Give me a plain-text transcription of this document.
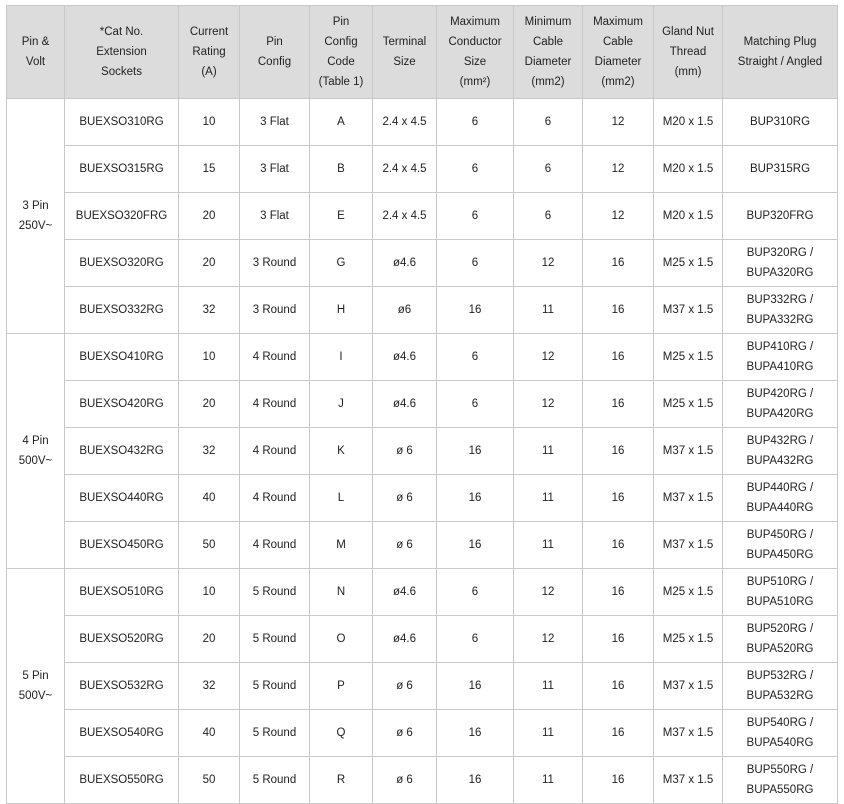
Pin &
Volt	*Cat No.
Extension
Sockets	Current
Rating
(A)	Pin
Config	Pin
Config
Code
(Table 1)	Terminal
Size	Maximum
Conductor
Size
(mm²)	Minimum
Cable
Diameter
(mm2)	Maximum
Cable
Diameter
(mm2)	Gland Nut
Thread
(mm)	Matching Plug
Straight / Angled

3 Pin
250V~	BUEXSO310RG	10	3 Flat	A	2.4 x 4.5	6	6	12	M20 x 1.5	BUP310RG

	BUEXSO315RG	15	3 Flat	B	2.4 x 4.5	6	6	12	M20 x 1.5	BUP315RG

	BUEXSO320FRG	20	3 Flat	E	2.4 x 4.5	6	6	12	M20 x 1.5	BUP320FRG

	BUEXSO320RG	20	3 Round	G	ø4.6	6	12	16	M25 x 1.5	BUP320RG /
BUPA320RG

	BUEXSO332RG	32	3 Round	H	ø6	16	11	16	M37 x 1.5	BUP332RG /
BUPA332RG

4 Pin
500V~	BUEXSO410RG	10	4 Round	I	ø4.6	6	12	16	M25 x 1.5	BUP410RG /
BUPA410RG

	BUEXSO420RG	20	4 Round	J	ø4.6	6	12	16	M25 x 1.5	BUP420RG /
BUPA420RG

	BUEXSO432RG	32	4 Round	K	ø 6	16	11	16	M37 x 1.5	BUP432RG /
BUPA432RG

	BUEXSO440RG	40	4 Round	L	ø 6	16	11	16	M37 x 1.5	BUP440RG /
BUPA440RG

	BUEXSO450RG	50	4 Round	M	ø 6	16	11	16	M37 x 1.5	BUP450RG /
BUPA450RG

5 Pin
500V~	BUEXSO510RG	10	5 Round	N	ø4.6	6	12	16	M25 x 1.5	BUP510RG /
BUPA510RG

	BUEXSO520RG	20	5 Round	O	ø4.6	6	12	16	M25 x 1.5	BUP520RG /
BUPA520RG

	BUEXSO532RG	32	5 Round	P	ø 6	16	11	16	M37 x 1.5	BUP532RG /
BUPA532RG

	BUEXSO540RG	40	5 Round	Q	ø 6	16	11	16	M37 x 1.5	BUP540RG /
BUPA540RG

	BUEXSO550RG	50	5 Round	R	ø 6	16	11	16	M37 x 1.5	BUP550RG /
BUPA550RG
